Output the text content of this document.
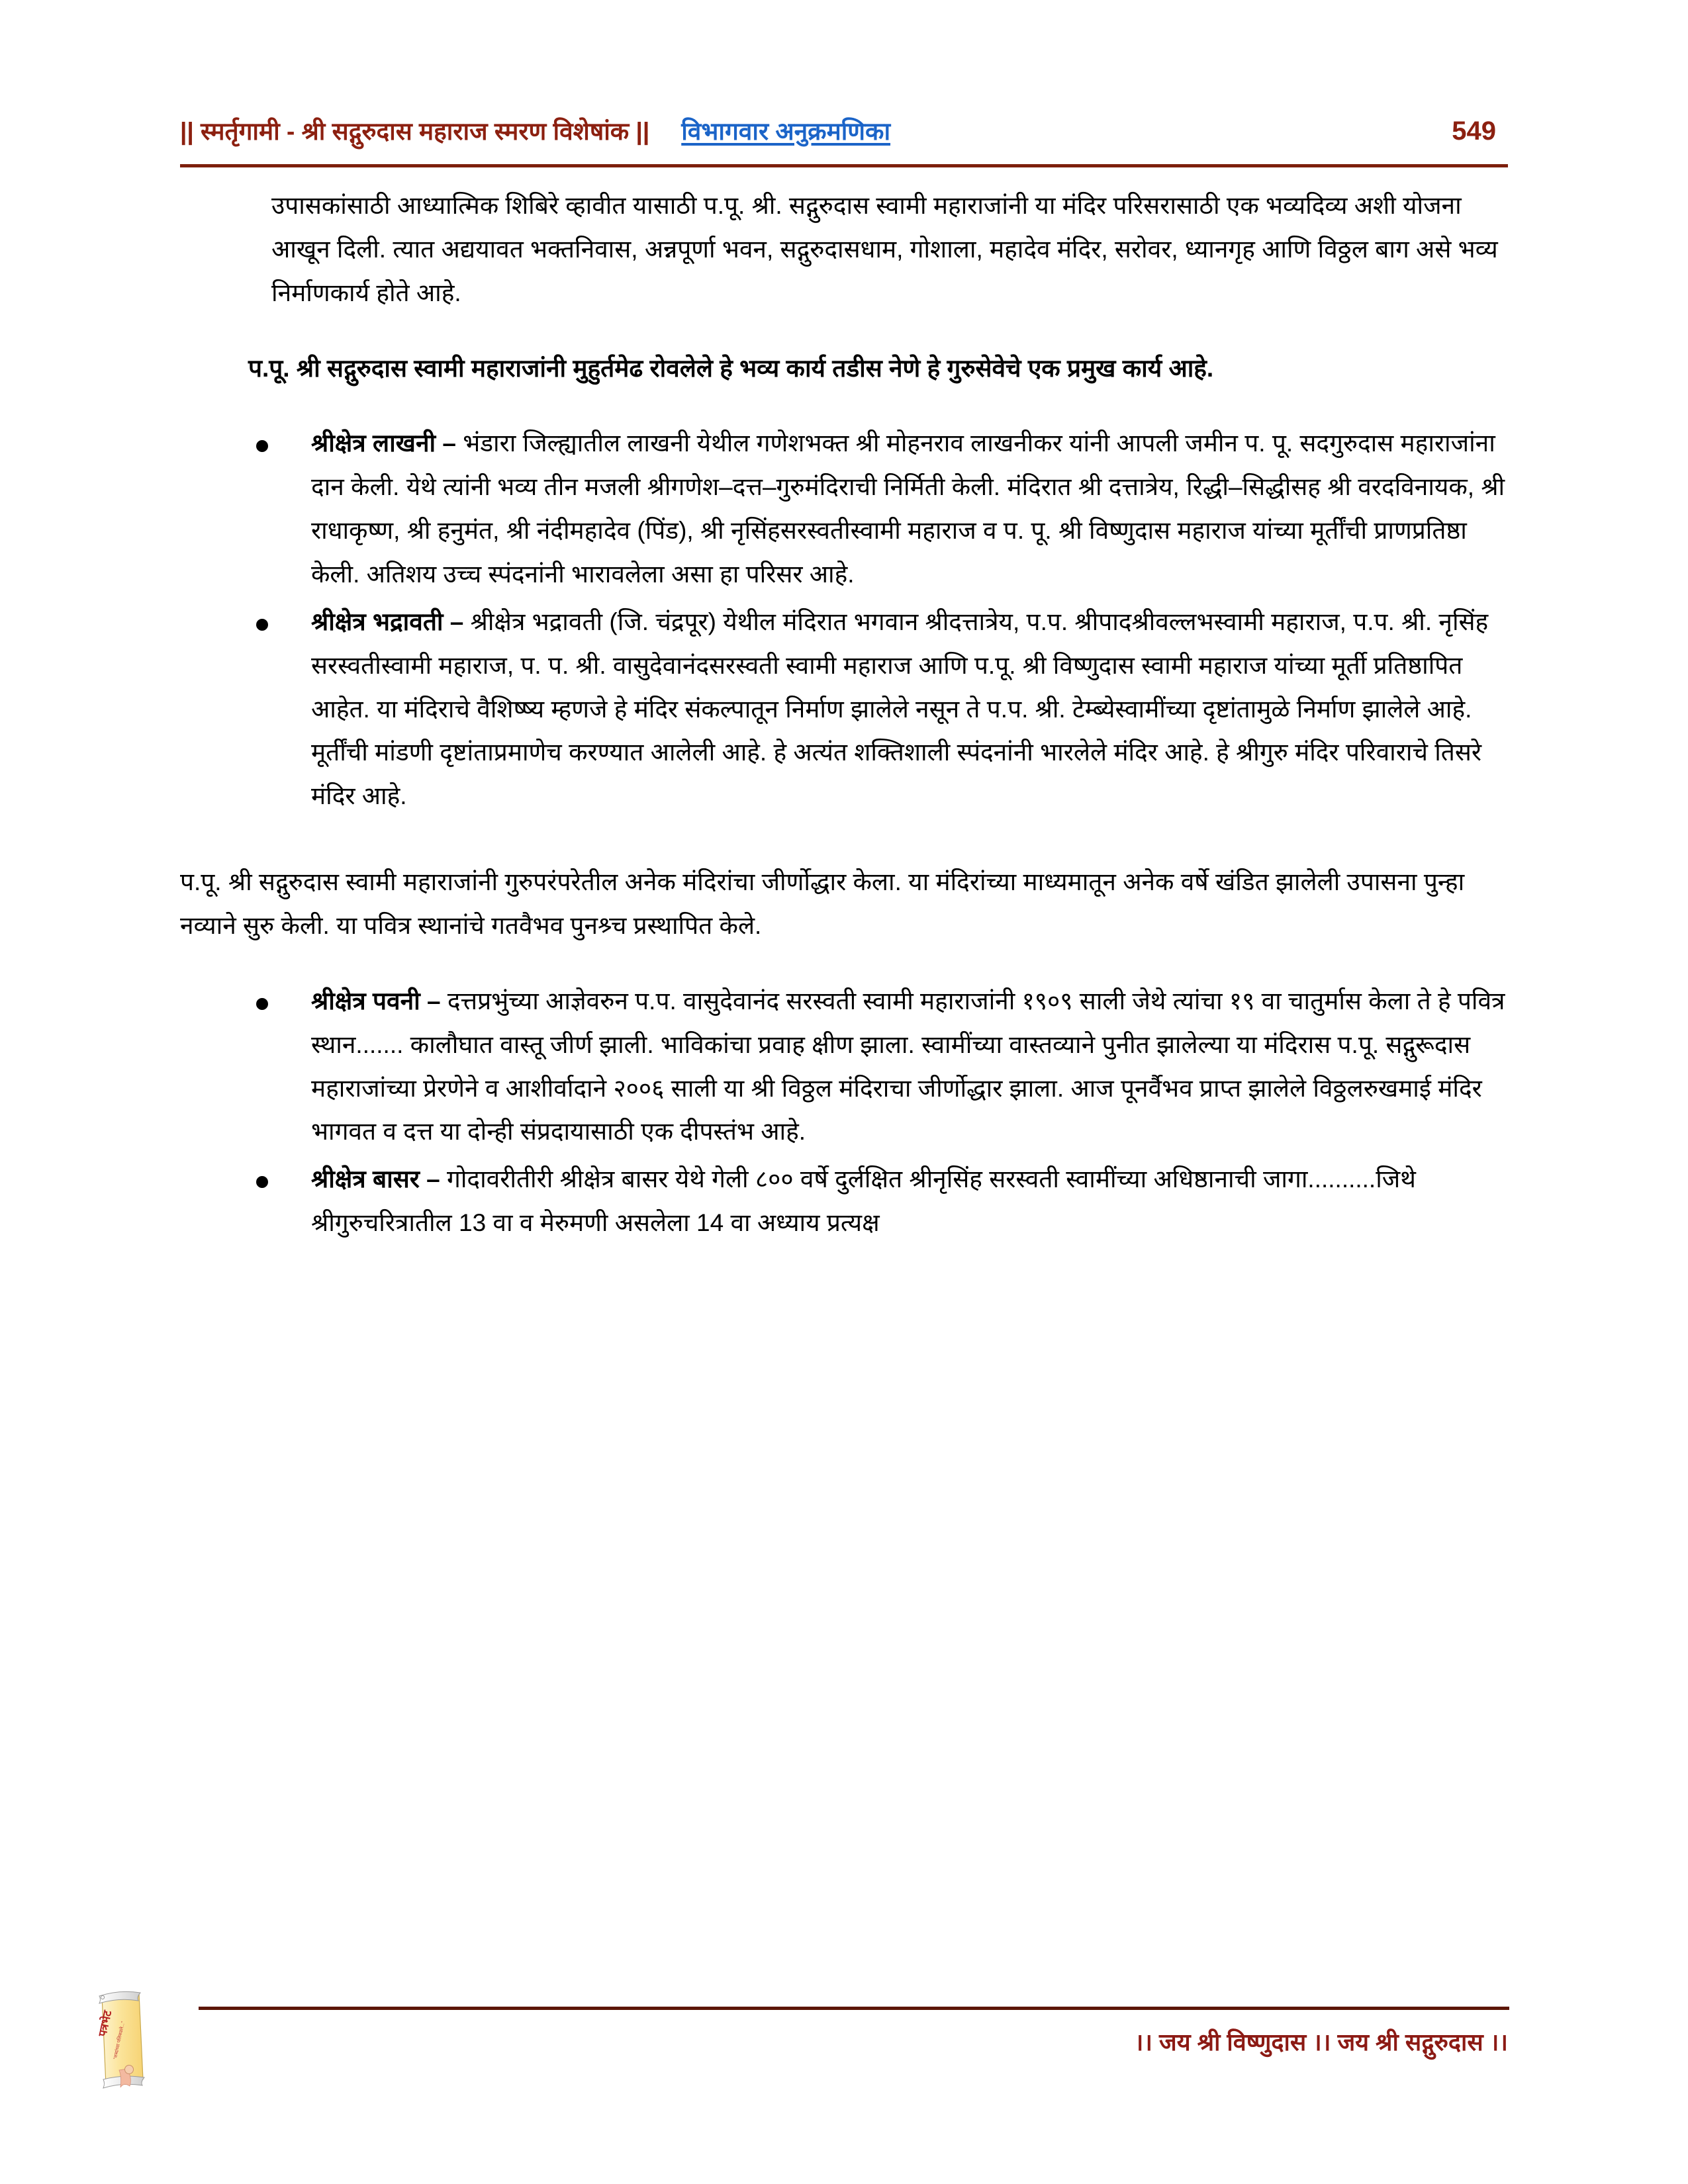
|| स्मर्तृगामी - श्री सद्गुरुदास महाराज स्मरण विशेषांक || विभागवार अनुक्रमणिका	549

उपासकांसाठी आध्यात्मिक शिबिरे व्हावीत यासाठी प.पू. श्री. सद्गुरुदास स्वामी महाराजांनी या मंदिर परिसरासाठी एक भव्यदिव्य अशी योजना आखून दिली. त्यात अद्ययावत भक्तनिवास, अन्नपूर्णा भवन, सद्गुरुदासधाम, गोशाला, महादेव मंदिर, सरोवर, ध्यानगृह आणि विठ्ठल बाग असे भव्य निर्माणकार्य होते आहे.

प.पू. श्री सद्गुरुदास स्वामी महाराजांनी मुहुर्तमेढ रोवलेले हे भव्य कार्य तडीस नेणे हे गुरुसेवेचे एक प्रमुख कार्य आहे.

श्रीक्षेत्र लाखनी – भंडारा जिल्ह्यातील लाखनी येथील गणेशभक्त श्री मोहनराव लाखनीकर यांनी आपली जमीन प. पू. सदगुरुदास महाराजांना दान केली. येथे त्यांनी भव्य तीन मजली श्रीगणेश–दत्त–गुरुमंदिराची निर्मिती केली. मंदिरात श्री दत्तात्रेय, रिद्धी–सिद्धीसह श्री वरदविनायक, श्री राधाकृष्ण, श्री हनुमंत, श्री नंदीमहादेव (पिंड), श्री नृसिंहसरस्वतीस्वामी महाराज व प. पू. श्री विष्णुदास महाराज यांच्या मूर्तींची प्राणप्रतिष्ठा केली. अतिशय उच्च स्पंदनांनी भारावलेला असा हा परिसर आहे.
श्रीक्षेत्र भद्रावती – श्रीक्षेत्र भद्रावती (जि. चंद्रपूर) येथील मंदिरात भगवान श्रीदत्तात्रेय, प.प. श्रीपादश्रीवल्लभस्वामी महाराज, प.प. श्री. नृसिंह सरस्वतीस्वामी महाराज, प. प. श्री. वासुदेवानंदसरस्वती स्वामी महाराज आणि प.पू. श्री विष्णुदास स्वामी महाराज यांच्या मूर्ती प्रतिष्ठापित आहेत. या मंदिराचे वैशिष्ष्य म्हणजे हे मंदिर संकल्पातून निर्माण झालेले नसून ते प.प. श्री. टेम्ब्येस्वामींच्या दृष्टांतामुळे निर्माण झालेले आहे. मूर्तींची मांडणी दृष्टांताप्रमाणेच करण्यात आलेली आहे. हे अत्यंत शक्तिशाली स्पंदनांनी भारलेले मंदिर आहे. हे श्रीगुरु मंदिर परिवाराचे तिसरे मंदिर आहे.

प.पू. श्री सद्गुरुदास स्वामी महाराजांनी गुरुपरंपरेतील अनेक मंदिरांचा जीर्णोद्धार केला. या मंदिरांच्या माध्यमातून अनेक वर्षे खंडित झालेली उपासना पुन्हा नव्याने सुरु केली. या पवित्र स्थानांचे गतवैभव पुनश्र्च प्रस्थापित केले.

श्रीक्षेत्र पवनी – दत्तप्रभुंच्या आज्ञेवरुन प.प. वासुदेवानंद सरस्वती स्वामी महाराजांनी १९०९ साली जेथे त्यांचा १९ वा चातुर्मास केला ते हे पवित्र स्थान....... कालौघात वास्तू जीर्ण झाली. भाविकांचा प्रवाह क्षीण झाला. स्वामींच्या वास्तव्याने पुनीत झालेल्या या मंदिरास प.पू. सद्गुरूदास महाराजांच्या प्रेरणेने व आशीर्वादाने २००६ साली या श्री विठ्ठल मंदिराचा जीर्णोद्धार झाला. आज पूनर्वैभव प्राप्त झालेले विठ्ठलरुखमाई मंदिर भागवत व दत्त या दोन्ही संप्रदायासाठी एक दीपस्तंभ आहे.
श्रीक्षेत्र बासर – गोदावरीतीरी श्रीक्षेत्र बासर येथे गेली ८०० वर्षे दुर्लक्षित श्रीनृसिंह सरस्वती स्वामींच्या अधिष्ठानाची जागा..........जिथे श्रीगुरुचरित्रातील 13 वा व मेरुमणी असलेला 14 वा अध्याय प्रत्यक्ष
।। जय श्री विष्णुदास ।। जय श्री सद्गुरुदास ।।
पत्रभेट
"शब्दांच्या पलिकडले..."
